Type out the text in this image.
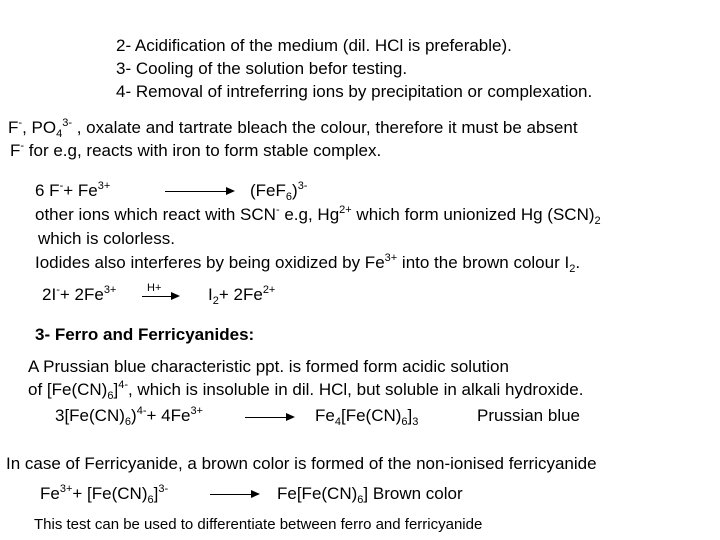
2- Acidification of the medium (dil. HCl is preferable).
3- Cooling of the solution befor testing.
4- Removal of intreferring ions by precipitation or complexation.
F-, $PO_4^{3-}$ , oxalate and tartrate bleach the colour, therefore it must be absent
F- for e.g, reacts with iron to form stable complex.
6 $F^-+ Fe^{3+}$	$(FeF_6)^{3-}$
other ions which react with SCN- e.g, $Hg^{2+}$ which form unionized Hg $(SCN)_2$
which is colorless.
Iodides also interferes by being oxidized by $Fe^{3+}$ into the brown colour $I_2$.
$2I^-+ 2Fe^{3+}$	H+	$I_2+ 2Fe^{2+}$
3- Ferro and Ferricyanides:
A Prussian blue characteristic ppt. is formed form acidic solution
of $[Fe(CN)_6]^{4-}$, which is insoluble in dil. HCl, but soluble in alkali hydroxide.
$3[Fe(CN)_6)^{4-}+ 4Fe^{3+} \to Fe_4[Fe(CN)_6]_3$	Prussian blue
In case of Ferricyanide, a brown color is formed of the non-ionised ferricyanide
$Fe^{3+}+ [Fe(CN)_6]^{3-}$	→ $Fe[Fe(CN)_6]$ Brown color
This test can be used to differentiate between ferro and ferricyanide
